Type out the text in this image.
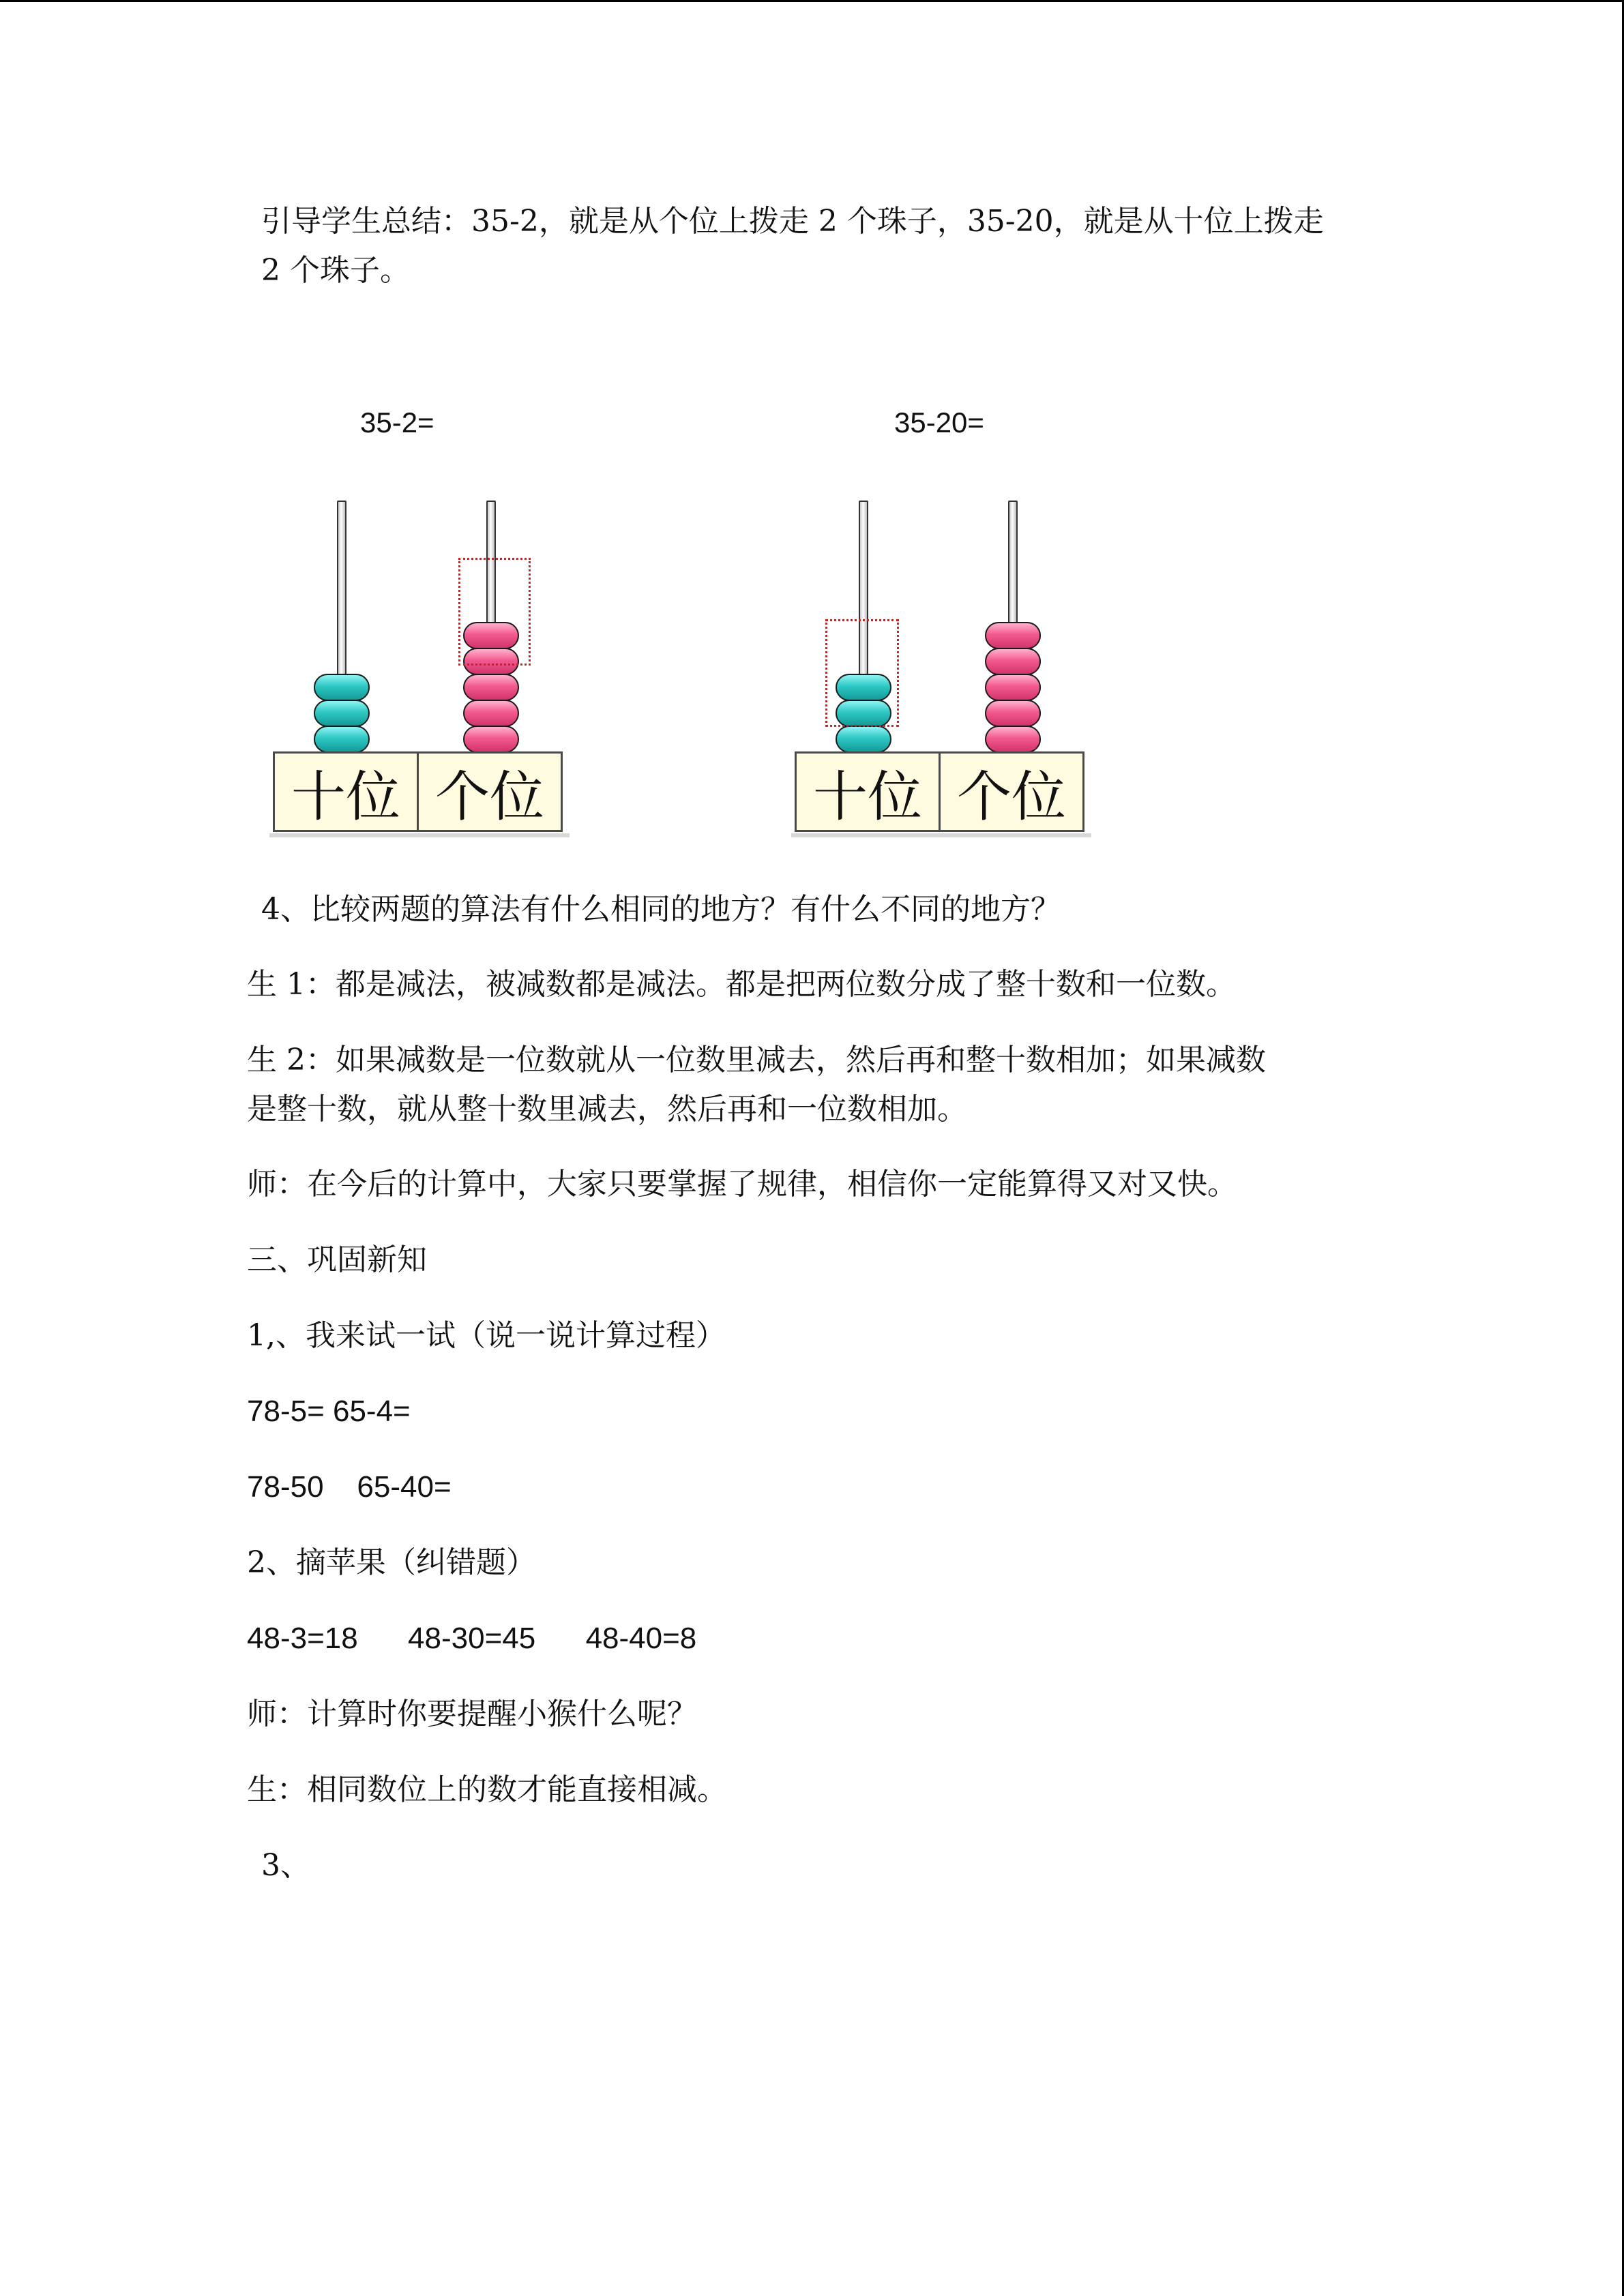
引导学生总结：35-2，就是从个位上拨走 2 个珠子，35-20，就是从十位上拨走

2 个珠子。

35-2=
十位 个位
35-20=
十位 个位

4、比较两题的算法有什么相同的地方？有什么不同的地方？

生 1：都是减法，被减数都是减法。都是把两位数分成了整十数和一位数。

生 2：如果减数是一位数就从一位数里减去，然后再和整十数相加；如果减数

是整十数，就从整十数里减去，然后再和一位数相加。

师：在今后的计算中，大家只要掌握了规律，相信你一定能算得又对又快。

三、巩固新知

1,、我来试一试（说一说计算过程）

78-5= 65-4=

78-50    65-40=

2、摘苹果（纠错题）

48-3=18      48-30=45      48-40=8

师：计算时你要提醒小猴什么呢？

生：相同数位上的数才能直接相减。

3、
